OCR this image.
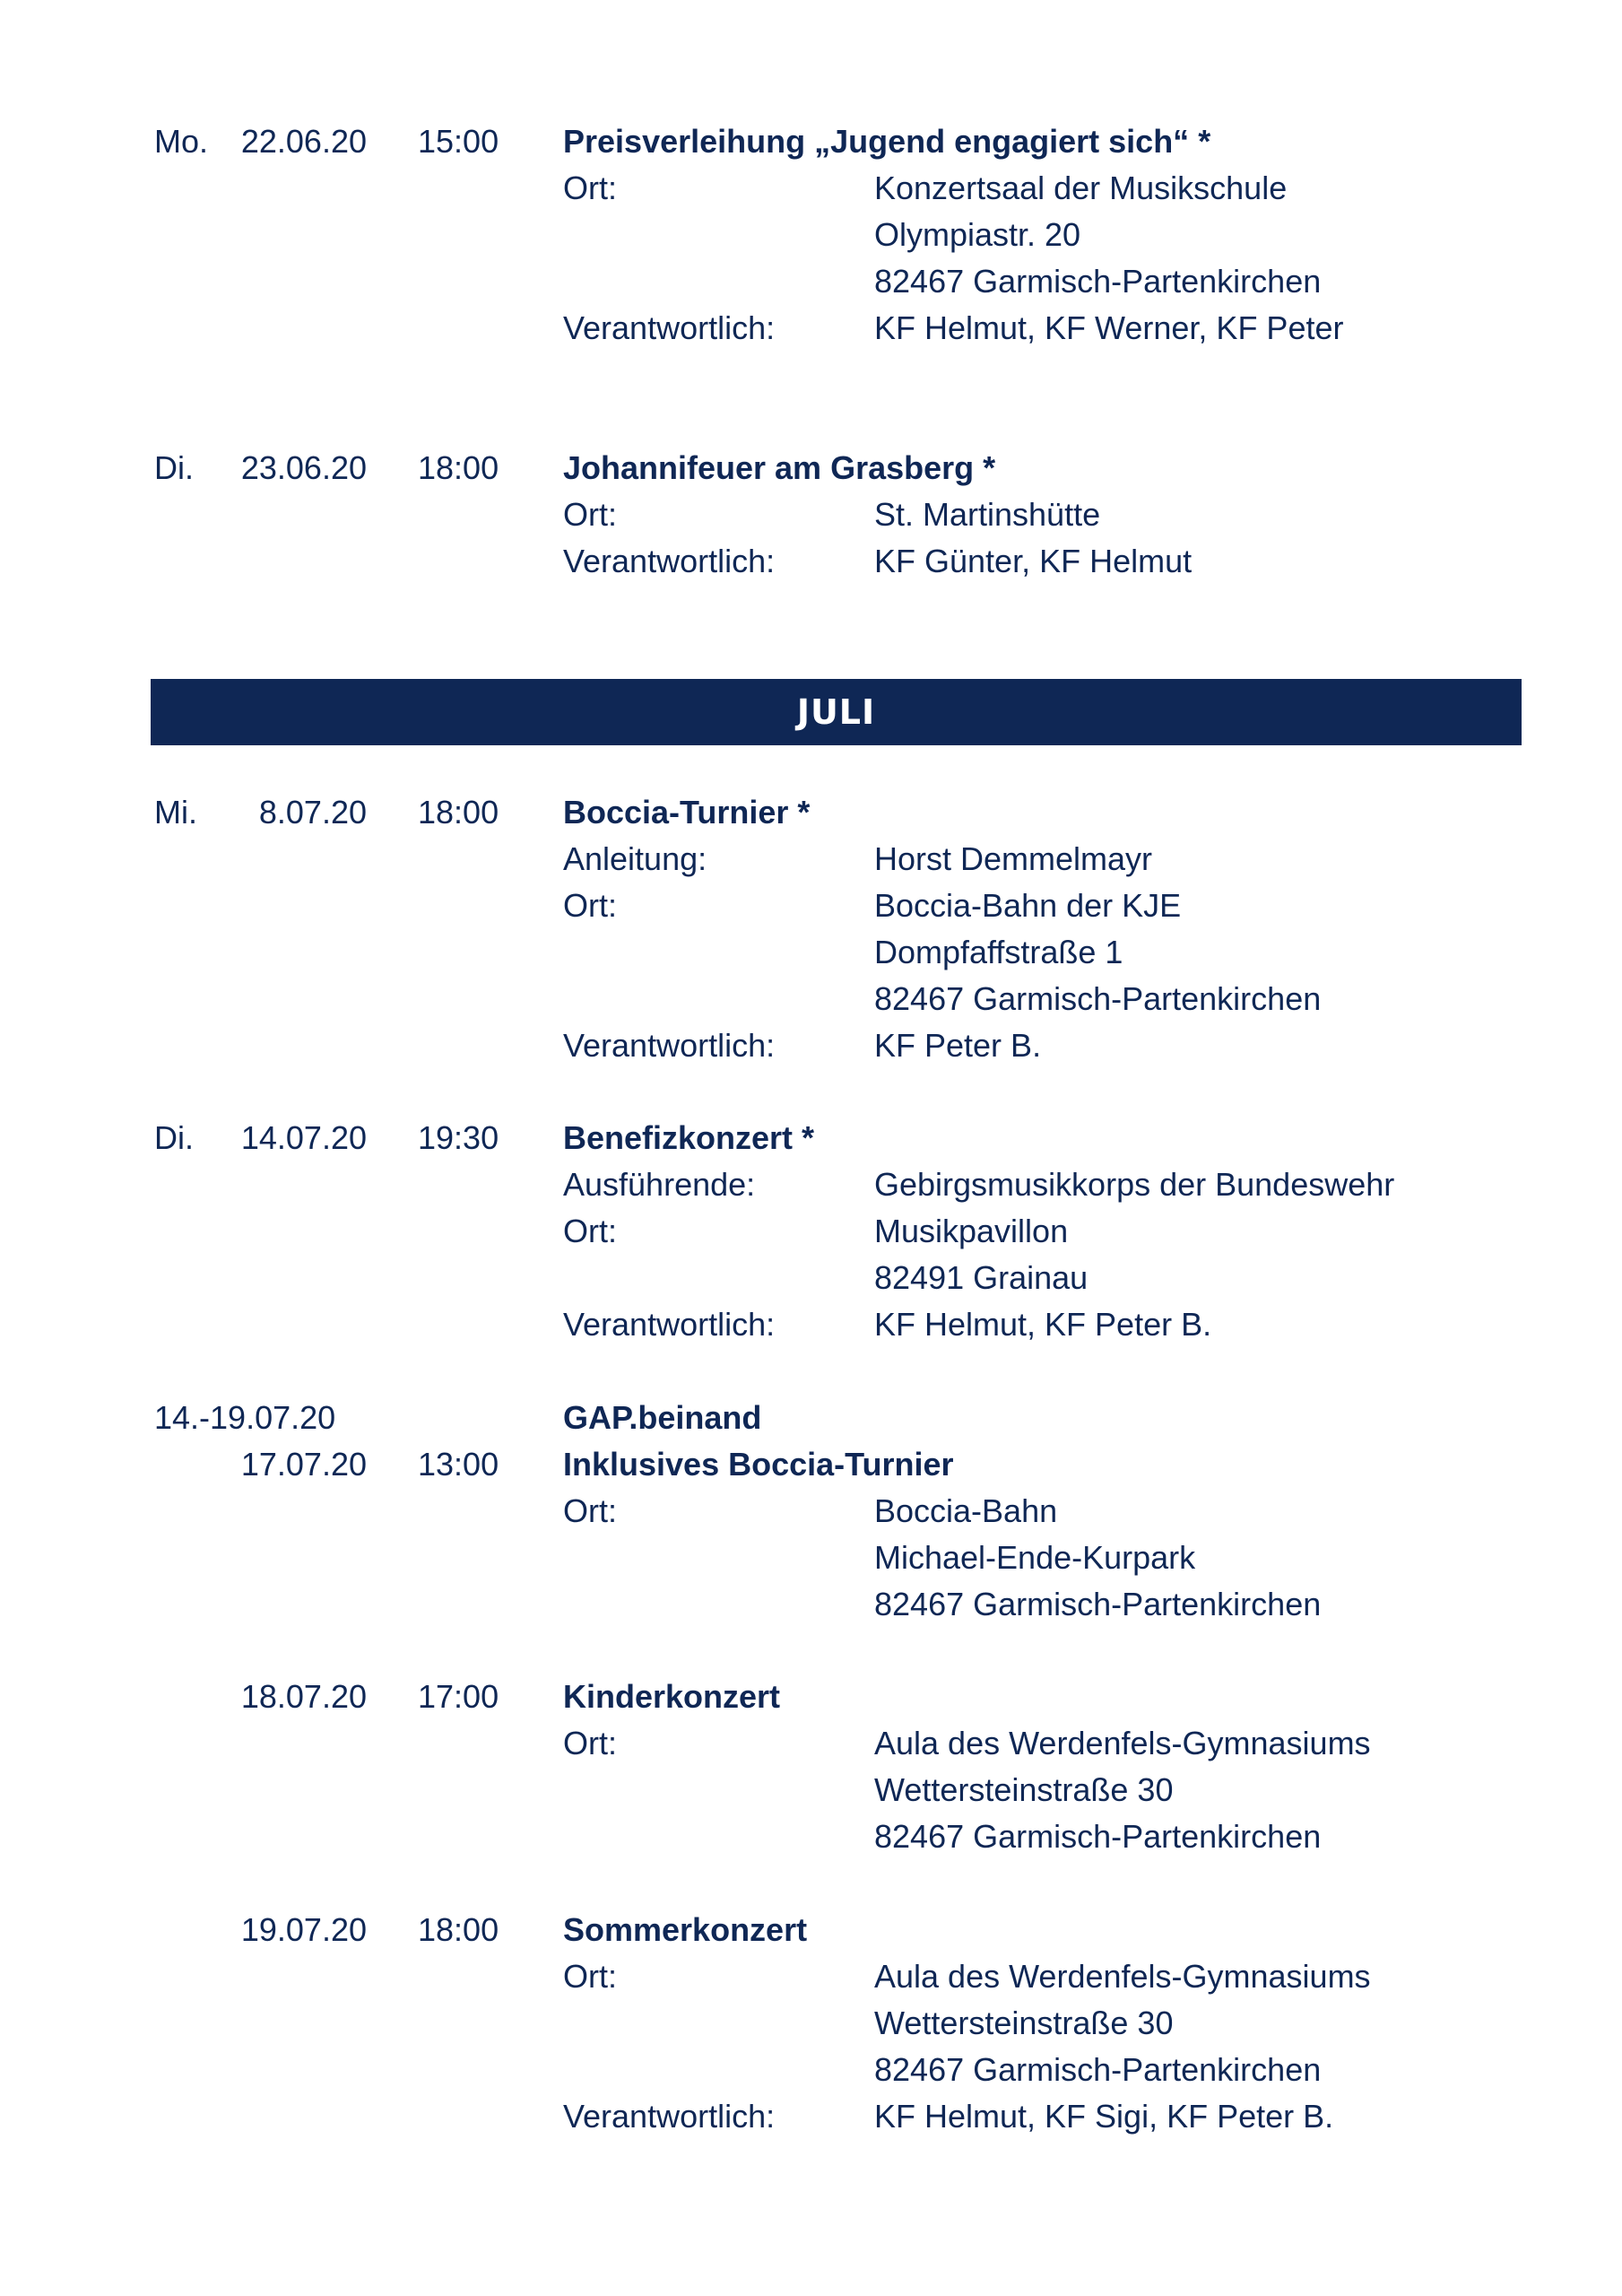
Mo. 22.06.20 15:00 Preisverleihung „Jugend engagiert sich“ *
Ort:	Konzertsaal der Musikschule
Olympiastr. 20
82467 Garmisch-Partenkirchen
Verantwortlich:	KF Helmut, KF Werner, KF Peter
Di. 23.06.20 18:00 Johannifeuer am Grasberg *
Ort:	St. Martinshütte
Verantwortlich:	KF Günter, KF Helmut
JULI
Mi. 8.07.20 18:00 Boccia-Turnier *
Anleitung:	Horst Demmelmayr
Ort:	Boccia-Bahn der KJE
Dompfaffstraße 1
82467 Garmisch-Partenkirchen
Verantwortlich:	KF Peter B.
Di. 14.07.20 19:30 Benefizkonzert *
Ausführende:	Gebirgsmusikkorps der Bundeswehr
Ort:	Musikpavillon
82491 Grainau
Verantwortlich:	KF Helmut, KF Peter B.
14.-19.07.20	GAP.beinand
17.07.20 13:00 Inklusives Boccia-Turnier
Ort:	Boccia-Bahn
Michael-Ende-Kurpark
82467 Garmisch-Partenkirchen
18.07.20 17:00 Kinderkonzert
Ort:	Aula des Werdenfels-Gymnasiums
Wettersteinstraße 30
82467 Garmisch-Partenkirchen
19.07.20 18:00 Sommerkonzert
Ort:	Aula des Werdenfels-Gymnasiums
Wettersteinstraße 30
82467 Garmisch-Partenkirchen
Verantwortlich:	KF Helmut, KF Sigi, KF Peter B.
